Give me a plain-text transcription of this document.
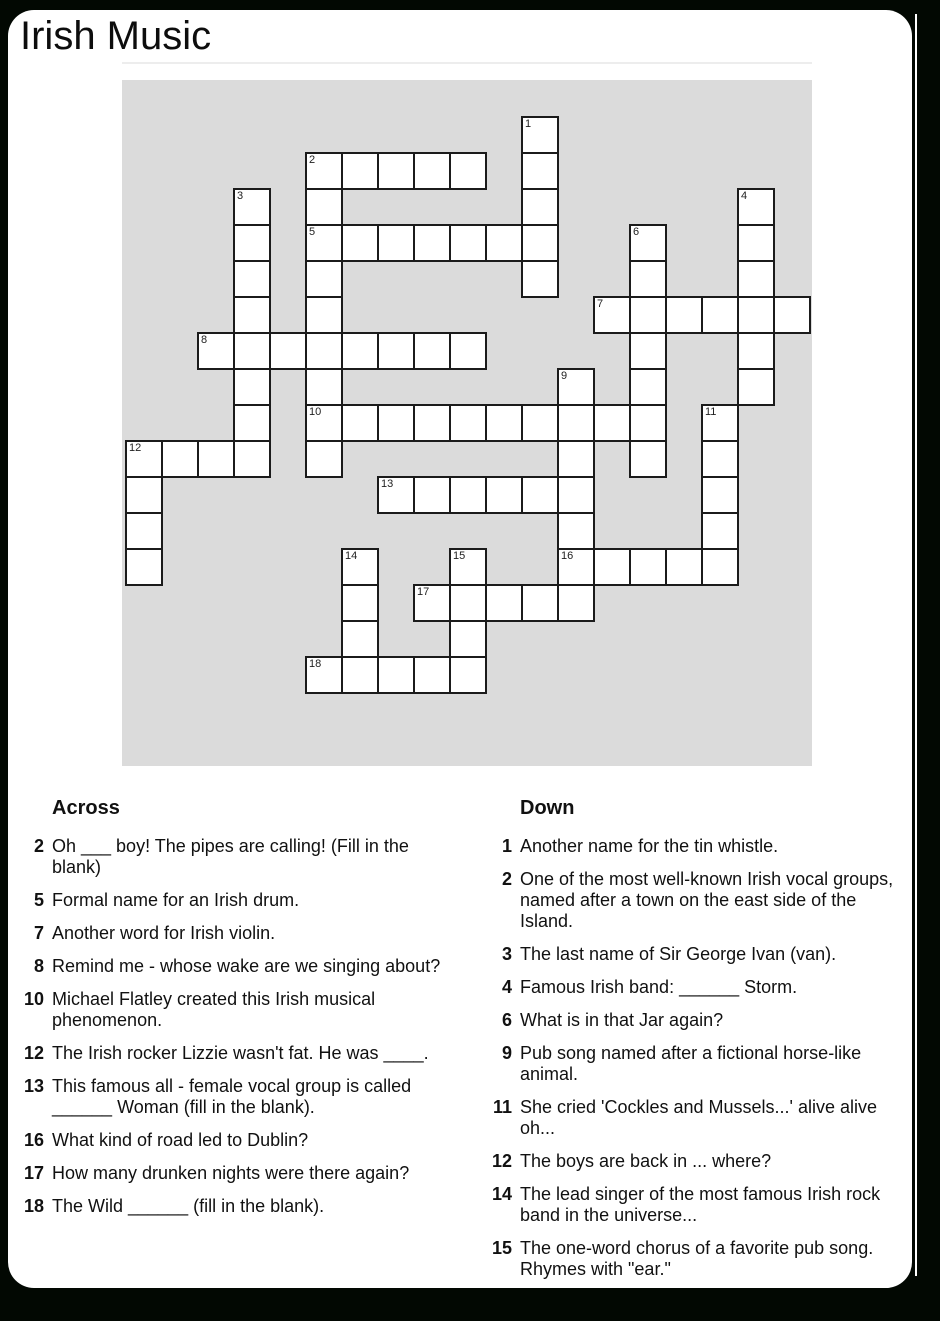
Irish Music
1
2
3	4
5	6
7
8
9
10	11
12
13
14	15	16
17
18
Across
2 Oh ___ boy! The pipes are calling! (Fill in the blank)
5 Formal name for an Irish drum.
7 Another word for Irish violin.
8 Remind me - whose wake are we singing about?
10 Michael Flatley created this Irish musical phenomenon.
12 The Irish rocker Lizzie wasn't fat. He was ____.
13 This famous all - female vocal group is called ______ Woman (fill in the blank).
16 What kind of road led to Dublin?
17 How many drunken nights were there again?
18 The Wild ______ (fill in the blank).
Down
1 Another name for the tin whistle.
2 One of the most well-known Irish vocal groups, named after a town on the east side of the Island.
3 The last name of Sir George Ivan (van).
4 Famous Irish band: ______ Storm.
6 What is in that Jar again?
9 Pub song named after a fictional horse-like animal.
11 She cried 'Cockles and Mussels...' alive alive oh...
12 The boys are back in ... where?
14 The lead singer of the most famous Irish rock band in the universe...
15 The one-word chorus of a favorite pub song. Rhymes with "ear."
